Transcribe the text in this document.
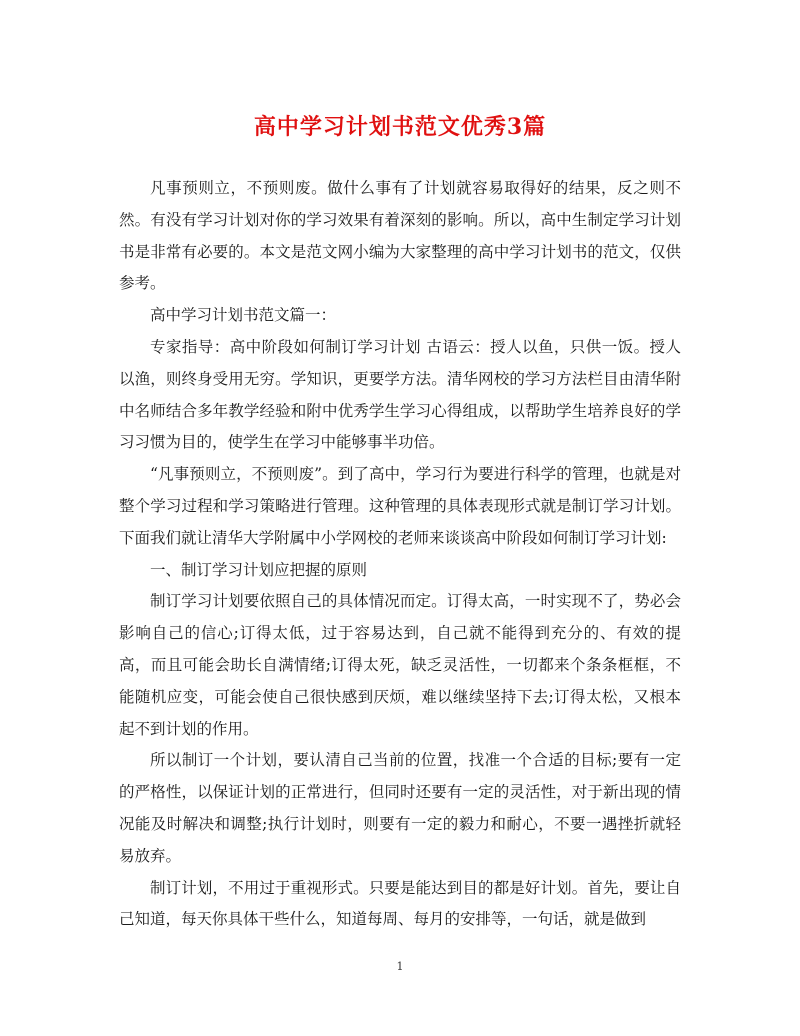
高中学习计划书范文优秀3篇

凡事预则立，不预则废。做什么事有了计划就容易取得好的结果，反之则不然。有没有学习计划对你的学习效果有着深刻的影响。所以，高中生制定学习计划书是非常有必要的。本文是范文网小编为大家整理的高中学习计划书的范文，仅供参考。

高中学习计划书范文篇一：

专家指导：高中阶段如何制订学习计划 古语云：授人以鱼，只供一饭。授人以渔，则终身受用无穷。学知识，更要学方法。清华网校的学习方法栏目由清华附中名师结合多年教学经验和附中优秀学生学习心得组成，以帮助学生培养良好的学习习惯为目的，使学生在学习中能够事半功倍。

“凡事预则立，不预则废”。到了高中，学习行为要进行科学的管理，也就是对整个学习过程和学习策略进行管理。这种管理的具体表现形式就是制订学习计划。下面我们就让清华大学附属中小学网校的老师来谈谈高中阶段如何制订学习计划:

一、制订学习计划应把握的原则

制订学习计划要依照自己的具体情况而定。订得太高，一时实现不了，势必会影响自己的信心;订得太低，过于容易达到，自己就不能得到充分的、有效的提高，而且可能会助长自满情绪;订得太死，缺乏灵活性，一切都来个条条框框，不能随机应变，可能会使自己很快感到厌烦，难以继续坚持下去;订得太松，又根本起不到计划的作用。

所以制订一个计划，要认清自己当前的位置，找准一个合适的目标;要有一定的严格性，以保证计划的正常进行，但同时还要有一定的灵活性，对于新出现的情况能及时解决和调整;执行计划时，则要有一定的毅力和耐心，不要一遇挫折就轻易放弃。

制订计划，不用过于重视形式。只要是能达到目的都是好计划。首先，要让自己知道，每天你具体干些什么，知道每周、每月的安排等，一句话，就是做到

1
